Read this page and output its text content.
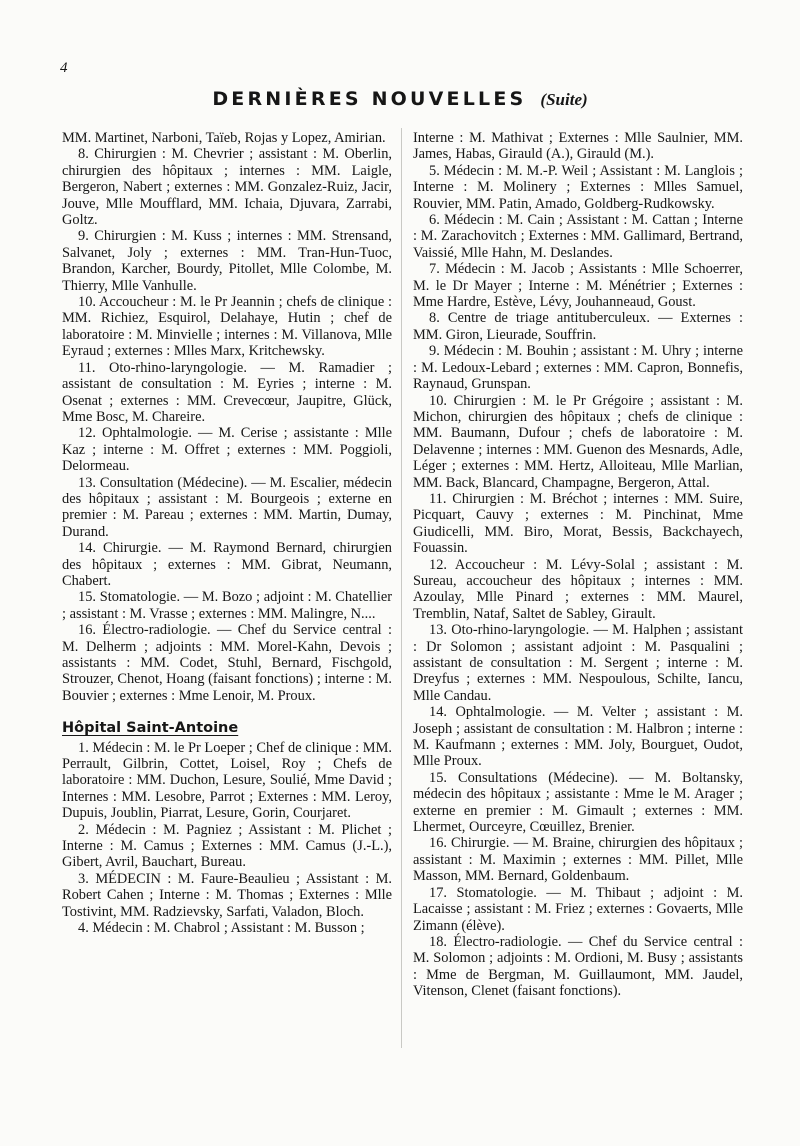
4
DERNIÈRES NOUVELLES (Suite)

MM. Martinet, Narboni, Taïeb, Rojas y Lopez, Amirian.

8. Chirurgien : M. Chevrier ; assistant : M. Oberlin, chirurgien des hôpitaux ; internes : MM. Laigle, Bergeron, Nabert ; externes : MM. Gonzalez-Ruiz, Jacir, Jouve, Mlle Moufflard, MM. Ichaia, Djuvara, Zarrabi, Goltz.

9. Chirurgien : M. Kuss ; internes : MM. Strensand, Salvanet, Joly ; externes : MM. Tran-Hun-Tuoc, Brandon, Karcher, Bourdy, Pitollet, Mlle Colombe, M. Thierry, Mlle Vanhulle.

10. Accoucheur : M. le Pr Jeannin ; chefs de clinique : MM. Richiez, Esquirol, Delahaye, Hutin ; chef de laboratoire : M. Minvielle ; internes : M. Villanova, Mlle Eyraud ; externes : Mlles Marx, Kritchewsky.

11. Oto-rhino-laryngologie. — M. Ramadier ; assistant de consultation : M. Eyries ; interne : M. Osenat ; externes : MM. Crevecœur, Jaupitre, Glück, Mme Bosc, M. Chareire.

12. Ophtalmologie. — M. Cerise ; assistante : Mlle Kaz ; interne : M. Offret ; externes : MM. Poggioli, Delormeau.

13. Consultation (Médecine). — M. Escalier, médecin des hôpitaux ; assistant : M. Bourgeois ; externe en premier : M. Pareau ; externes : MM. Martin, Dumay, Durand.

14. Chirurgie. — M. Raymond Bernard, chirurgien des hôpitaux ; externes : MM. Gibrat, Neumann, Chabert.

15. Stomatologie. — M. Bozo ; adjoint : M. Chatellier ; assistant : M. Vrasse ; externes : MM. Malingre, N....

16. Électro-radiologie. — Chef du Service central : M. Delherm ; adjoints : MM. Morel-Kahn, Devois ; assistants : MM. Codet, Stuhl, Bernard, Fischgold, Strouzer, Chenot, Hoang (faisant fonctions) ; interne : M. Bouvier ; externes : Mme Lenoir, M. Proux.

Hôpital Saint-Antoine

1. Médecin : M. le Pr Loeper ; Chef de clinique : MM. Perrault, Gilbrin, Cottet, Loisel, Roy ; Chefs de laboratoire : MM. Duchon, Lesure, Soulié, Mme David ; Internes : MM. Lesobre, Parrot ; Externes : MM. Leroy, Dupuis, Joublin, Piarrat, Lesure, Gorin, Courjaret.

2. Médecin : M. Pagniez ; Assistant : M. Plichet ; Interne : M. Camus ; Externes : MM. Camus (J.-L.), Gibert, Avril, Bauchart, Bureau.

3. MÉDECIN : M. Faure-Beaulieu ; Assistant : M. Robert Cahen ; Interne : M. Thomas ; Externes : Mlle Tostivint, MM. Radzievsky, Sarfati, Valadon, Bloch.

4. Médecin : M. Chabrol ; Assistant : M. Busson ;

Interne : M. Mathivat ; Externes : Mlle Saulnier, MM. James, Habas, Girauld (A.), Girauld (M.).

5. Médecin : M. M.-P. Weil ; Assistant : M. Langlois ; Interne : M. Molinery ; Externes : Mlles Samuel, Rouvier, MM. Patin, Amado, Goldberg-Rudkowsky.

6. Médecin : M. Cain ; Assistant : M. Cattan ; Interne : M. Zarachovitch ; Externes : MM. Gallimard, Bertrand, Vaissié, Mlle Hahn, M. Deslandes.

7. Médecin : M. Jacob ; Assistants : Mlle Schoerrer, M. le Dr Mayer ; Interne : M. Ménétrier ; Externes : Mme Hardre, Estève, Lévy, Jouhanneaud, Goust.

8. Centre de triage antituberculeux. — Externes : MM. Giron, Lieurade, Souffrin.

9. Médecin : M. Bouhin ; assistant : M. Uhry ; interne : M. Ledoux-Lebard ; externes : MM. Capron, Bonnefis, Raynaud, Grunspan.

10. Chirurgien : M. le Pr Grégoire ; assistant : M. Michon, chirurgien des hôpitaux ; chefs de clinique : MM. Baumann, Dufour ; chefs de laboratoire : M. Delavenne ; internes : MM. Guenon des Mesnards, Adle, Léger ; externes : MM. Hertz, Alloiteau, Mlle Marlian, MM. Back, Blancard, Champagne, Bergeron, Attal.

11. Chirurgien : M. Bréchot ; internes : MM. Suire, Picquart, Cauvy ; externes : M. Pinchinat, Mme Giudicelli, MM. Biro, Morat, Bessis, Backchayech, Fouassin.

12. Accoucheur : M. Lévy-Solal ; assistant : M. Sureau, accoucheur des hôpitaux ; internes : MM. Azoulay, Mlle Pinard ; externes : MM. Maurel, Tremblin, Nataf, Saltet de Sabley, Girault.

13. Oto-rhino-laryngologie. — M. Halphen ; assistant : Dr Solomon ; assistant adjoint : M. Pasqualini ; assistant de consultation : M. Sergent ; interne : M. Dreyfus ; externes : MM. Nespoulous, Schilte, Iancu, Mlle Candau.

14. Ophtalmologie. — M. Velter ; assistant : M. Joseph ; assistant de consultation : M. Halbron ; interne : M. Kaufmann ; externes : MM. Joly, Bourguet, Oudot, Mlle Proux.

15. Consultations (Médecine). — M. Boltansky, médecin des hôpitaux ; assistante : Mme le M. Arager ; externe en premier : M. Gimault ; externes : MM. Lhermet, Ourceyre, Cœuillez, Brenier.

16. Chirurgie. — M. Braine, chirurgien des hôpitaux ; assistant : M. Maximin ; externes : MM. Pillet, Mlle Masson, MM. Bernard, Goldenbaum.

17. Stomatologie. — M. Thibaut ; adjoint : M. Lacaisse ; assistant : M. Friez ; externes : Govaerts, Mlle Zimann (élève).

18. Électro-radiologie. — Chef du Service central : M. Solomon ; adjoints : M. Ordioni, M. Busy ; assistants : Mme de Bergman, M. Guillaumont, MM. Jaudel, Vitenson, Clenet (faisant fonctions).
